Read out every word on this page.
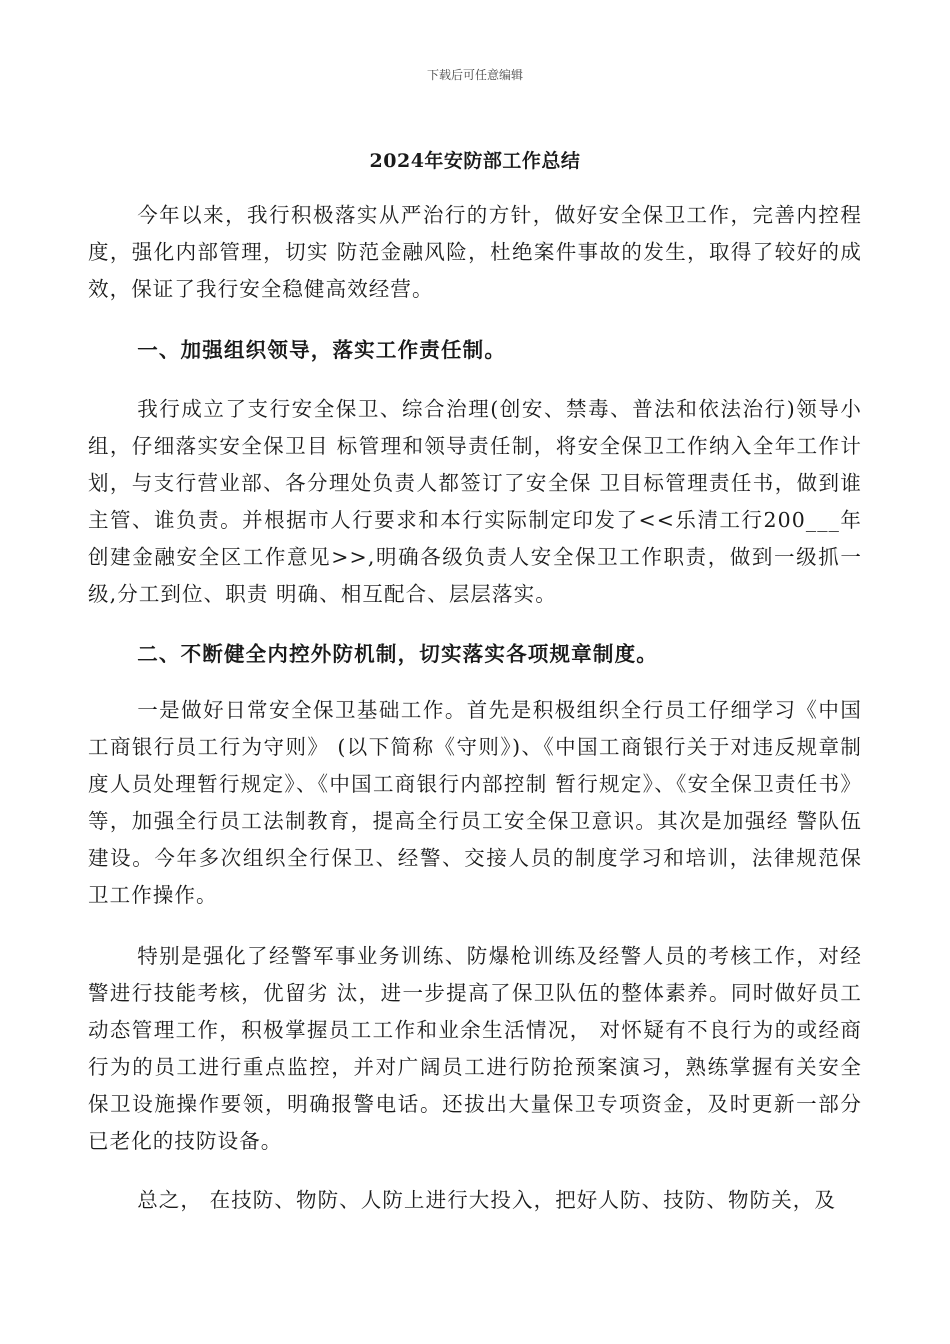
下载后可任意编辑
2024年安防部工作总结

今年以来，我行积极落实从严治行的方针，做好安全保卫工作，完善内控程度，强化内部管理，切实 防范金融风险，杜绝案件事故的发生，取得了较好的成效，保证了我行安全稳健高效经营。

一、加强组织领导，落实工作责任制。

我行成立了支行安全保卫、综合治理(创安、禁毒、普法和依法治行)领导小组，仔细落实安全保卫目 标管理和领导责任制，将安全保卫工作纳入全年工作计划，与支行营业部、各分理处负责人都签订了安全保 卫目标管理责任书，做到谁主管、谁负责。并根据市人行要求和本行实际制定印发了<<乐清工行200___年创建金融安全区工作意见>>,明确各级负责人安全保卫工作职责，做到一级抓一级,分工到位、职责 明确、相互配合、层层落实。

二、不断健全内控外防机制，切实落实各项规章制度。

一是做好日常安全保卫基础工作。首先是积极组织全行员工仔细学习《中国工商银行员工行为守则》 (以下简称《守则》)、《中国工商银行关于对违反规章制度人员处理暂行规定》、《中国工商银行内部控制 暂行规定》、《安全保卫责任书》等，加强全行员工法制教育，提高全行员工安全保卫意识。其次是加强经 警队伍建设。今年多次组织全行保卫、经警、交接人员的制度学习和培训，法律规范保卫工作操作。

特别是强化了经警军事业务训练、防爆枪训练及经警人员的考核工作，对经警进行技能考核，优留劣 汰，进一步提高了保卫队伍的整体素养。同时做好员工动态管理工作，积极掌握员工工作和业余生活情况， 对怀疑有不良行为的或经商行为的员工进行重点监控，并对广阔员工进行防抢预案演习，熟练掌握有关安全 保卫设施操作要领，明确报警电话。还拔出大量保卫专项资金，及时更新一部分已老化的技防设备。

总之， 在技防、物防、人防上进行大投入，把好人防、技防、物防关，及
